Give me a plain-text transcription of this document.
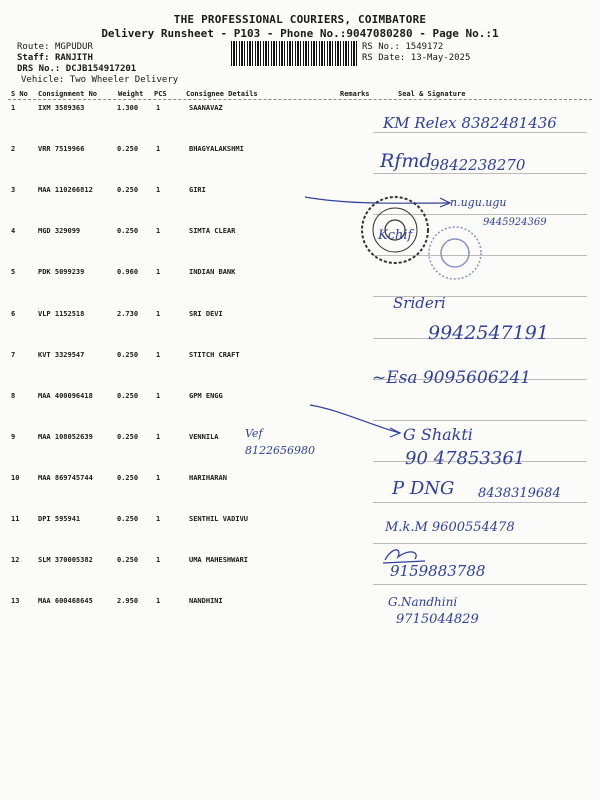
THE PROFESSIONAL COURIERS, COIMBATORE
Delivery Runsheet - P103 - Phone No.:9047080280 - Page No.:1
Route: MGPUDUR
Staff: RANJITH
DRS No.: DCJB154917201
Vehicle: Two Wheeler Delivery
RS No.: 1549172
RS Date: 13-May-2025
S No Consignment No	Weight PCS	Consignee Details	Remarks	Seal & Signature
1	IXM 3589363	1.300	1	SAANAVAZ
2	VRR 7519966	0.250	1	BHAGYALAKSHMI
3	MAA 110266812	0.250	1	GIRI
4	MGD 329099	0.250	1	SIMTA CLEAR
5	PDK 5099239	0.960	1	INDIAN BANK
6	VLP 1152518	2.730	1	SRI DEVI
7	KVT 3329547	0.250	1	STITCH CRAFT
8	MAA 400096418	0.250	1	GPM ENGG
9	MAA 108052639	0.250	1	VENNILA
10	MAA 869745744	0.250	1	HARIHARAN
11	DPI 595941	0.250	1	SENTHIL VADIVU
12	SLM 370005382	0.250	1	UMA MAHESHWARI
13	MAA 600468645	2.950	1	NANDHINI
KM Relex 8382481436
Rfmd
9842238270
n.ugu.ugu
Kchif
9445924369
Srideri
9942547191
~Esa 9095606241
Vef
8122656980
G Shakti
90 47853361
P DNG 8438319684
M.k.M 9600554478
9159883788
G.Nandhini
9715044829
